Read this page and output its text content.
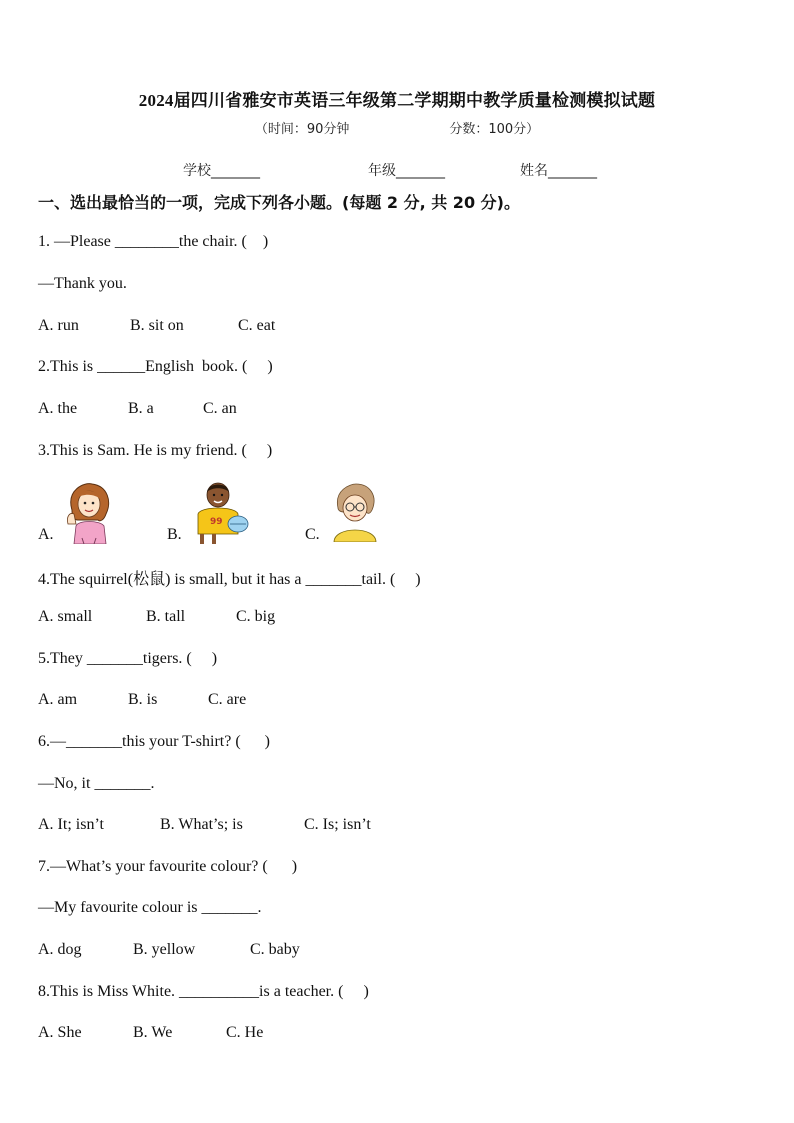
2024届四川省雅安市英语三年级第二学期期中教学质量检测模拟试题
（时间：90分钟	分数：100分）
学校_______	年级_______	姓名_______
一、选出最恰当的一项，完成下列各小题。(每题 2 分, 共 20 分)。
1. —Please ________the chair. (    )
—Thank you.
A. run	B. sit on	C. eat
2.This is ______English  book. (     )
A. the	B. a	C. an
3.This is Sam. He is my friend. (     )
A.	B.	C.
99
4.The squirrel(松鼠) is small, but it has a _______tail. (     )
A. small	B. tall	C. big
5.They _______tigers. (     )
A. am	B. is	C. are
6.—_______this your T-shirt? (      )
—No, it _______.
A. It; isn’t	B. What’s; is	C. Is; isn’t
7.—What’s your favourite colour? (      )
—My favourite colour is _______.
A. dog	B. yellow	C. baby
8.This is Miss White. __________is a teacher. (     )
A. She	B. We	C. He
